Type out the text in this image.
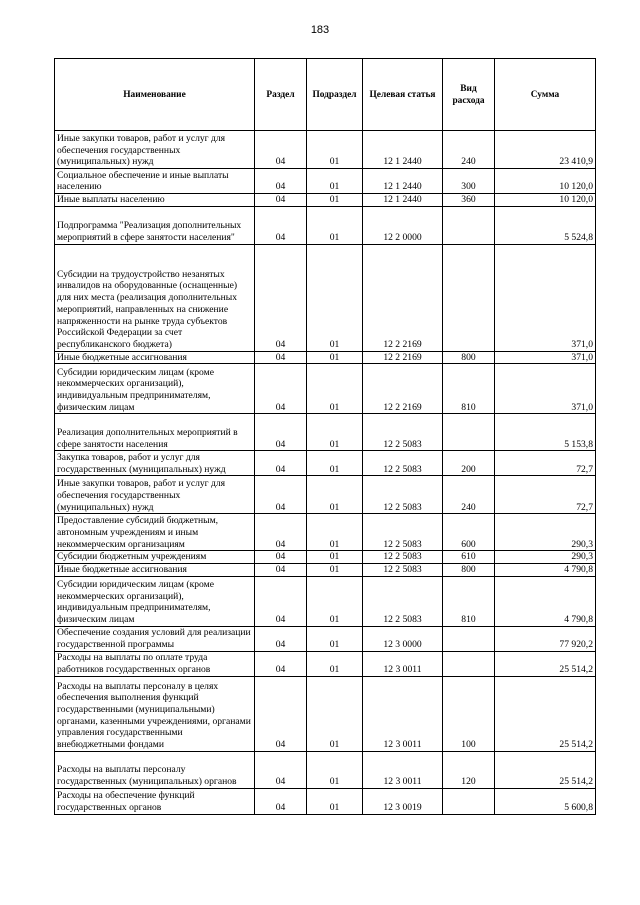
183
Наименование	Раздел	Подраздел	Целевая статья	Вид расхода	Сумма
Иные закупки товаров, работ и услуг для обеспечения государственных (муниципальных) нужд	04	01	12 1 2440	240	23 410,9
Социальное обеспечение и иные выплаты населению	04	01	12 1 2440	300	10 120,0
Иные выплаты населению	04	01	12 1 2440	360	10 120,0
Подпрограмма "Реализация дополнительных мероприятий в сфере занятости населения"	04	01	12 2 0000		5 524,8
Субсидии на трудоустройство незанятых инвалидов на оборудованные (оснащенные) для них места (реализация дополнительных мероприятий, направленных на снижение напряженности на рынке труда субъектов Российской Федерации за счет республиканского бюджета)	04	01	12 2 2169		371,0
Иные бюджетные ассигнования	04	01	12 2 2169	800	371,0
Субсидии юридическим лицам (кроме некоммерческих организаций), индивидуальным предпринимателям, физическим лицам	04	01	12 2 2169	810	371,0
Реализация дополнительных мероприятий в сфере занятости населения	04	01	12 2 5083		5 153,8
Закупка товаров, работ и услуг для государственных (муниципальных) нужд	04	01	12 2 5083	200	72,7
Иные закупки товаров, работ и услуг для обеспечения государственных (муниципальных) нужд	04	01	12 2 5083	240	72,7
Предоставление субсидий бюджетным, автономным учреждениям и иным некоммерческим организациям	04	01	12 2 5083	600	290,3
Субсидии бюджетным учреждениям	04	01	12 2 5083	610	290,3
Иные бюджетные ассигнования	04	01	12 2 5083	800	4 790,8
Субсидии юридическим лицам (кроме некоммерческих организаций), индивидуальным предпринимателям, физическим лицам	04	01	12 2 5083	810	4 790,8
Обеспечение создания условий для реализации государственной программы	04	01	12 3 0000		77 920,2
Расходы на выплаты по оплате труда работников государственных органов	04	01	12 3 0011		25 514,2
Расходы на выплаты персоналу в целях обеспечения выполнения функций государственными (муниципальными) органами, казенными учреждениями, органами управления государственными внебюджетными фондами	04	01	12 3 0011	100	25 514,2
Расходы на выплаты персоналу государственных (муниципальных) органов	04	01	12 3 0011	120	25 514,2
Расходы на обеспечение функций государственных органов	04	01	12 3 0019		5 600,8
